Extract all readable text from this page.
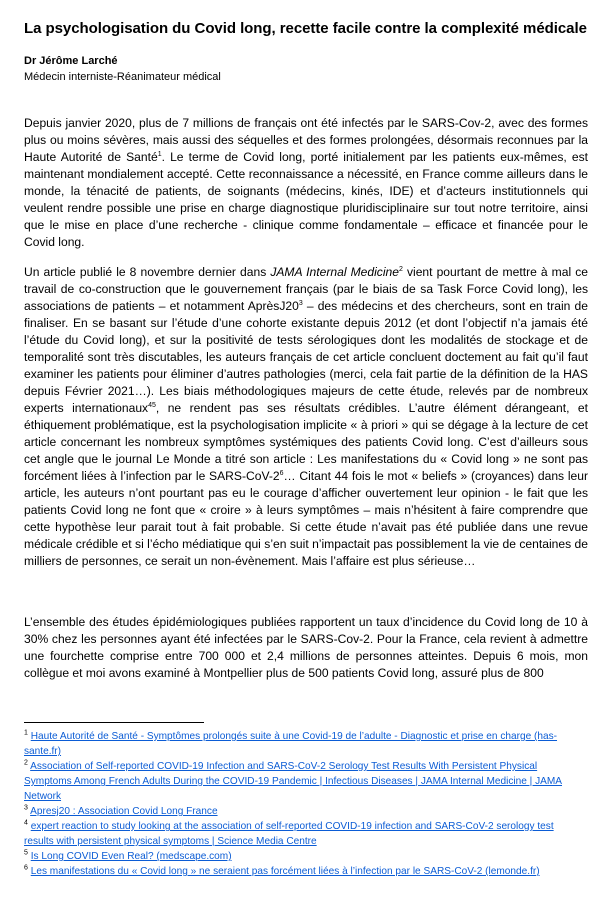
La psychologisation du Covid long, recette facile contre la complexité médicale
Dr Jérôme Larché
Médecin interniste-Réanimateur médical

Depuis janvier 2020, plus de 7 millions de français ont été infectés par le SARS-Cov-2, avec des formes plus ou moins sévères, mais aussi des séquelles et des formes prolongées, désormais reconnues par la Haute Autorité de Santé$^1$. Le terme de Covid long, porté initialement par les patients eux-mêmes, est maintenant mondialement accepté. Cette reconnaissance a nécessité, en France comme ailleurs dans le monde, la ténacité de patients, de soignants (médecins, kinés, IDE) et d’acteurs institutionnels qui veulent rendre possible une prise en charge diagnostique pluridisciplinaire sur tout notre territoire, ainsi que le mise en place d’une recherche - clinique comme fondamentale – efficace et financée pour le Covid long.

Un article publié le 8 novembre dernier dans JAMA Internal Medicine$^2$ vient pourtant de mettre à mal ce travail de co-construction que le gouvernement français (par le biais de sa Task Force Covid long), les associations de patients – et notamment $AprèsJ20^3$ – des médecins et des chercheurs, sont en train de finaliser. En se basant sur l’étude d’une cohorte existante depuis 2012 (et dont l’objectif n’a jamais été l’étude du Covid long), et sur la positivité de tests sérologiques dont les modalités de stockage et de temporalité sont très discutables, les auteurs français de cet article concluent doctement au fait qu’il faut examiner les patients pour éliminer d’autres pathologies (merci, cela fait partie de la définition de la HAS depuis Février 2021…). Les biais méthodologiques majeurs de cette étude, relevés par de nombreux experts internationaux$^{45}$, ne rendent pas ses résultats crédibles. L’autre élément dérangeant, et éthiquement problématique, est la psychologisation implicite « à priori » qui se dégage à la lecture de cet article concernant les nombreux symptômes systémiques des patients Covid long. C’est d’ailleurs sous cet angle que le journal Le Monde a titré son article : Les manifestations du « Covid long » ne sont pas forcément liées à l’infection par le SARS-$CoV-2^6\dots$ Citant 44 fois le mot « beliefs » (croyances) dans leur article, les auteurs n’ont pourtant pas eu le courage d’afficher ouvertement leur opinion - le fait que les patients Covid long ne font que « croire » à leurs symptômes – mais n’hésitent à faire comprendre que cette hypothèse leur parait tout à fait probable. Si cette étude n’avait pas été publiée dans une revue médicale crédible et si l’écho médiatique qui s’en suit n’impactait pas possiblement la vie de centaines de milliers de personnes, ce serait un non-évènement. Mais l’affaire est plus sérieuse…

L’ensemble des études épidémiologiques publiées rapportent un taux d’incidence du Covid long de 10 à 30% chez les personnes ayant été infectées par le SARS-Cov-2. Pour la France, cela revient à admettre une fourchette comprise entre 700 000 et 2,4 millions de personnes atteintes. Depuis 6 mois, mon collègue et moi avons examiné à Montpellier plus de 500 patients Covid long, assuré plus de 800

$^1$ Haute Autorité de Santé - Symptômes prolongés suite à une Covid-19 de l’adulte - Diagnostic et prise en charge (has-sante.fr)

$^2$ Association of Self-reported COVID-19 Infection and SARS-CoV-2 Serology Test Results With Persistent Physical Symptoms Among French Adults During the COVID-19 Pandemic | Infectious Diseases | JAMA Internal Medicine | JAMA Network

$^3$ Apresj20 : Association Covid Long France

$^4$ expert reaction to study looking at the association of self-reported COVID-19 infection and SARS-CoV-2 serology test results with persistent physical symptoms | Science Media Centre

$^5$ Is Long COVID Even Real? (medscape.com)

$^6$ Les manifestations du « Covid long » ne seraient pas forcément liées à l’infection par le SARS-CoV-2 (lemonde.fr)
